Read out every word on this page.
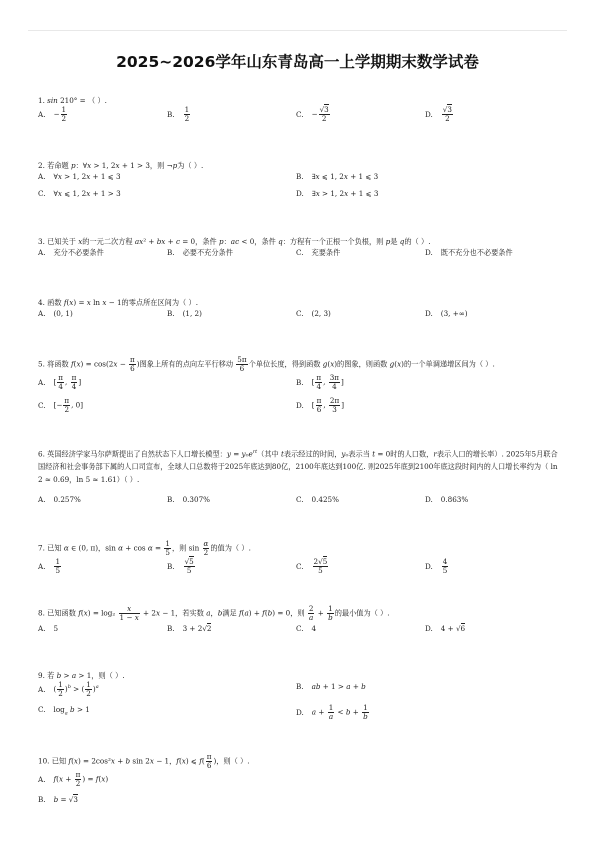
2025~2026学年山东青岛高一上学期期末数学试卷
1. sin 210° = （ ）.
A. − $\frac{1}{2}$	B. $\frac{1}{2}$	C. − $\frac{√3}{2}$	D. $\frac{√3}{2}$
2. 若命题 p：∀x > 1, 2x + 1 > 3，则 ¬p为（ ）.
A. ∀x > 1, 2x + 1 ⩽ 3	B. ∃x ⩽ 1, 2x + 1 ⩽ 3
C. ∀x ⩽ 1, 2x + 1 > 3	D. ∃x > 1, 2x + 1 ⩽ 3
3. 已知关于 x的一元二次方程 ax² + bx + c = 0，条件 p：ac < 0，条件 q：方程有一个正根一个负根，则 p是 q的（ ）.
A. 充分不必要条件	B. 必要不充分条件	C. 充要条件	D. 既不充分也不必要条件
4. 函数 f(x) = x ln x − 1的零点所在区间为（ ）.
A. (0, 1)	B. (1, 2)	C. (2, 3)	D. (3, +∞)
5. 将函数 $f(x) = \cos(2x - \frac{\pi}{6}$ )图象上所有的点向左平行移动 $\frac{5\pi}{6}$ 个单位长度，得到函数 g(x)的图象，则函数 g(x)的一个单调递增区间为（ ）.
A. [ $\frac{\pi}{4}$ , $\frac{\pi}{4}$ ]	B. [ $\frac{\pi}{4}$ , $\frac{3\pi}{4}$ ]
C. [− $\frac{\pi}{2}$ , 0]	D. [ $\frac{\pi}{6}$ , $\frac{2\pi}{3}$ ]
6. 英国经济学家马尔萨斯提出了自然状态下人口增长模型：$y = y_0e^{rt}$（其中 t表示经过的时间，y₀表示当 t = 0时的人口数，r表示人口的增长率）. 2025年5月联合国经济和社会事务部下属的人口司宣布，全球人口总数将于2025年底达到80亿，2100年底达到100亿. 则2025年底到2100年底这段时间内的人口增长率约为（ ln 2 ≈ 0.69，ln 5 ≈ 1.61）（ ）.
A. 0.257%	B. 0.307%	C. 0.425%	D. 0.863%
7. 已知 α ∈ (0, π)，$\sin \alpha + \cos \alpha = \frac{1}{5}$ ，则 $\sin \frac{\alpha}{2}$ 的值为（ ）.
A. $\frac{1}{5}$	B. $\frac{√5}{5}$	C. $\frac{2√5}{5}$	D. $\frac{4}{5}$
8. 已知函数 $f(x) = \log_2 \frac{x}{1 - x} + 2x - 1$，若实数 a，b满足 f(a) + f(b) = 0，则 $\frac{2}{a} + \frac{1}{b}$ 的最小值为（ ）.
A. 5	B. 3 + 2√2	C. 4	D. 4 + √6
9. 若 b > a > 1，则（ ）.
A. ( $\frac{1}{2} )^b$ > ( $\frac{1}{2} )^a$	B. ab + 1 > a + b
C. $\log_a b > 1$	D. $a + \frac{1}{a} < b + \frac{1}{b}$
10. 已知 f(x) = 2cos²x + b sin 2x − 1，f(x) ⩽ $f( \frac{\pi}{6}$ )，则（ ）.
A. $f(x + \frac{\pi}{2}$ ) = f(x)
B. b = √3
